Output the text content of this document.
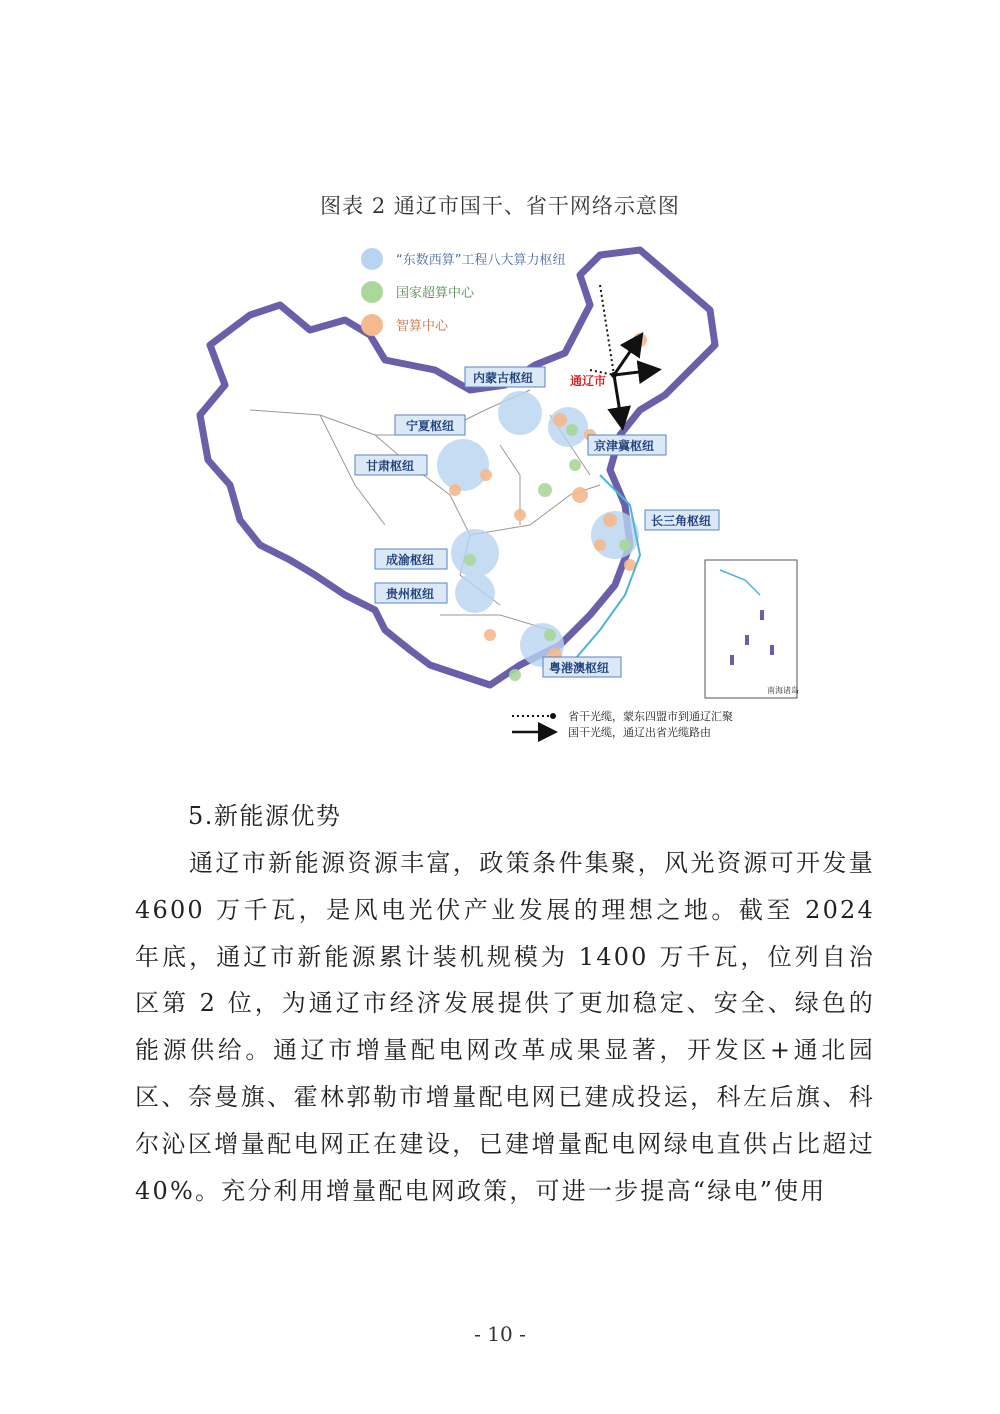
图表 2 通辽市国干、省干网络示意图
“东数西算”工程八大算力枢纽
国家超算中心
智算中心
内蒙古枢纽
宁夏枢纽
甘肃枢纽
京津冀枢纽
长三角枢纽
成渝枢纽
贵州枢纽
粤港澳枢纽
通辽市
南海诸岛
省干光缆，蒙东四盟市到通辽汇聚
国干光缆，通辽出省光缆路由
5.新能源优势
通辽市新能源资源丰富，政策条件集聚，风光资源可开发量 4600 万千瓦，是风电光伏产业发展的理想之地。截至 2024 年底，通辽市新能源累计装机规模为 1400 万千瓦，位列自治区第 2 位，为通辽市经济发展提供了更加稳定、安全、绿色的能源供给。通辽市增量配电网改革成果显著，开发区+通北园区、奈曼旗、霍林郭勒市增量配电网已建成投运，科左后旗、科尔沁区增量配电网正在建设，已建增量配电网绿电直供占比超过 40%。充分利用增量配电网政策，可进一步提高“绿电”使用
- 10 -
